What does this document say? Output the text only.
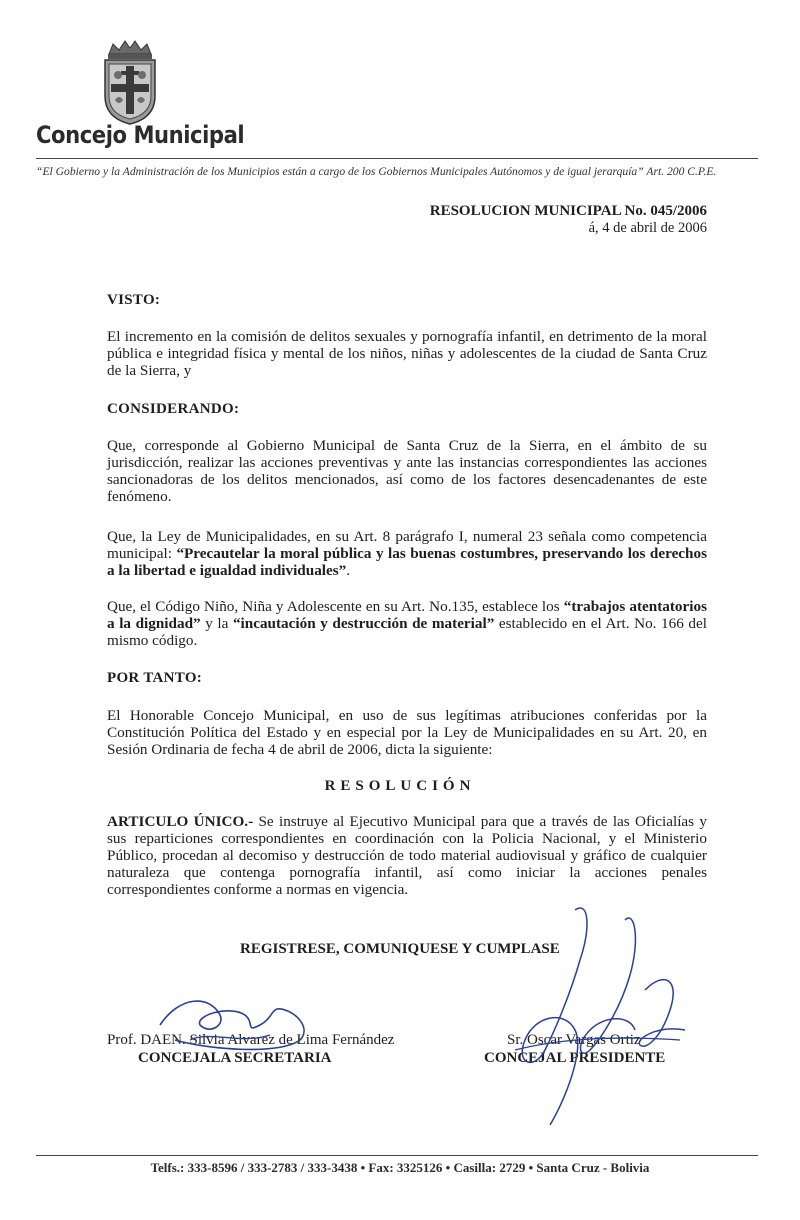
Concejo Municipal
“El Gobierno y la Administración de los Municipios están a cargo de los Gobiernos Municipales Autónomos y de igual jerarquía” Art. 200 C.P.E.
RESOLUCION MUNICIPAL No. 045/2006
á, 4 de abril de 2006
VISTO:
El incremento en la comisión de delitos sexuales y pornografía infantil, en detrimento de la moral pública e integridad física y mental de los niños, niñas y adolescentes de la ciudad de Santa Cruz de la Sierra, y
CONSIDERANDO:
Que, corresponde al Gobierno Municipal de Santa Cruz de la Sierra, en el ámbito de su jurisdicción, realizar las acciones preventivas y ante las instancias correspondientes las acciones sancionadoras de los delitos mencionados, así como de los factores desencadenantes de este fenómeno.
Que, la Ley de Municipalidades, en su Art. 8 parágrafo I, numeral 23 señala como competencia municipal: “Precautelar la moral pública y las buenas costumbres, preservando los derechos a la libertad e igualdad individuales”.
Que, el Código Niño, Niña y Adolescente en su Art. No.135, establece los “trabajos atentatorios a la dignidad” y la “incautación y destrucción de material” establecido en el Art. No. 166 del mismo código.
POR TANTO:
El Honorable Concejo Municipal, en uso de sus legítimas atribuciones conferidas por la Constitución Política del Estado y en especial por la Ley de Municipalidades en su Art. 20, en Sesión Ordinaria de fecha 4 de abril de 2006, dicta la siguiente:
RESOLUCIÓN
ARTICULO ÚNICO.- Se instruye al Ejecutivo Municipal para que a través de las Oficialías y sus reparticiones correspondientes en coordinación con la Policia Nacional, y el Ministerio Público, procedan al decomiso y destrucción de todo material audiovisual y gráfico de cualquier naturaleza que contenga pornografía infantil, así como iniciar la acciones penales correspondientes conforme a normas en vigencia.
REGISTRESE, COMUNIQUESE Y CUMPLASE
Prof. DAEN. Silvia Alvarez de Lima Fernández
CONCEJALA SECRETARIA
Sr. Oscar Vargas Ortiz
CONCEJAL PRESIDENTE
Telfs.: 333-8596 / 333-2783 / 333-3438 • Fax: 3325126 • Casilla: 2729 • Santa Cruz - Bolivia
